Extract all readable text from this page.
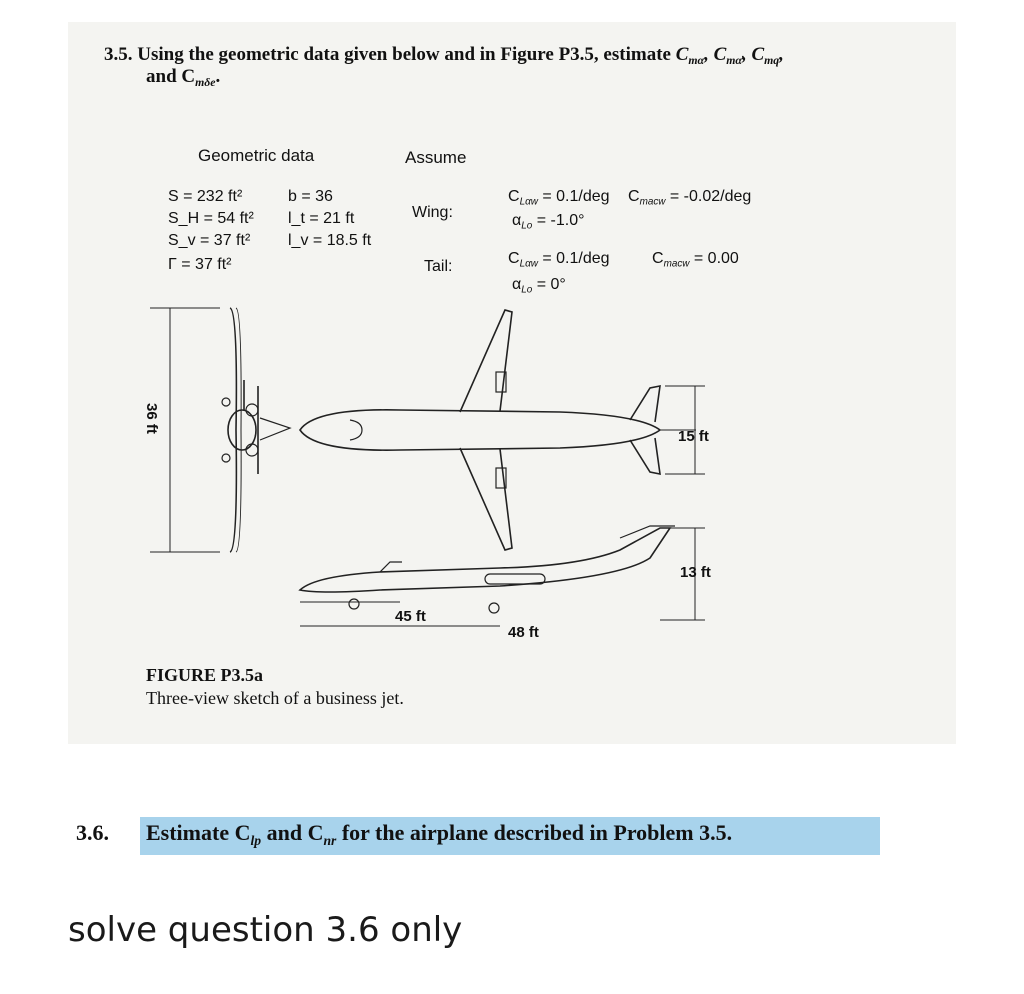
3.5. Using the geometric data given below and in Figure P3.5, estimate $C_{m\alpha}$, $C_{m\alphȧ}$, $C_{mq}$,
and $C_{m\delta e}$.
Geometric data	Assume
S = 232 ft²	b = 36
S_H = 54 ft² l_t = 21 ft
S_v = 37 ft² l_v = 18.5 ft
Γ = 37 ft²
Wing:
$C_{L\alpha w} = 0.1/deg$ $C_{macw} = -0.02/deg$
$\alpha_{Lo} = -1.0^\circ$
Tail:	$C_{L\alpha w} = 0.1/deg$	$C_{macw} = 0.00$
$\alpha_{Lo} = 0^\circ$
36 ft
15 ft
13 ft
45 ft
48 ft
FIGURE P3.5a
Three-view sketch of a business jet.
3.6. Estimate $C_{lp}$ and $C_{nr}$ for the airplane described in Problem 3.5.
solve question 3.6 only
